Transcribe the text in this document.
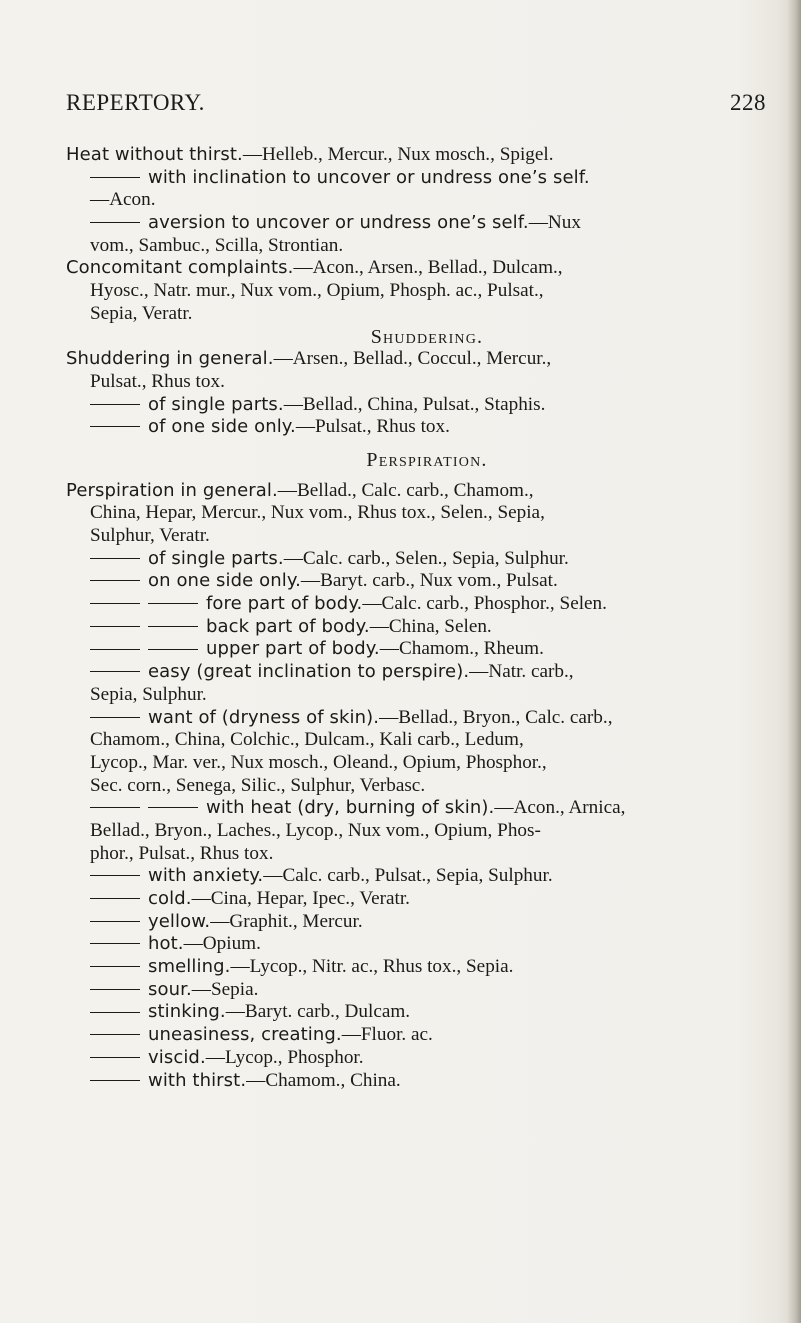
REPERTORY.	228
Heat without thirst.—Helleb., Mercur., Nux mosch., Spigel.
with inclination to uncover or undress one’s self.
—Acon.
aversion to uncover or undress one’s self.—Nux
vom., Sambuc., Scilla, Strontian.
Concomitant complaints.—Acon., Arsen., Bellad., Dulcam.,
Hyosc., Natr. mur., Nux vom., Opium, Phosph. ac., Pulsat.,
Sepia, Veratr.
Shuddering.
Shuddering in general.—Arsen., Bellad., Coccul., Mercur.,
Pulsat., Rhus tox.
of single parts.—Bellad., China, Pulsat., Staphis.
of one side only.—Pulsat., Rhus tox.
Perspiration.
Perspiration in general.—Bellad., Calc. carb., Chamom.,
China, Hepar, Mercur., Nux vom., Rhus tox., Selen., Sepia,
Sulphur, Veratr.
of single parts.—Calc. carb., Selen., Sepia, Sulphur.
on one side only.—Baryt. carb., Nux vom., Pulsat.
fore part of body.—Calc. carb., Phosphor., Selen.
back part of body.—China, Selen.
upper part of body.—Chamom., Rheum.
easy (great inclination to perspire).—Natr. carb.,
Sepia, Sulphur.
want of (dryness of skin).—Bellad., Bryon., Calc. carb.,
Chamom., China, Colchic., Dulcam., Kali carb., Ledum,
Lycop., Mar. ver., Nux mosch., Oleand., Opium, Phosphor.,
Sec. corn., Senega, Silic., Sulphur, Verbasc.
with heat (dry, burning of skin).—Acon., Arnica,
Bellad., Bryon., Laches., Lycop., Nux vom., Opium, Phos-
phor., Pulsat., Rhus tox.
with anxiety.—Calc. carb., Pulsat., Sepia, Sulphur.
cold.—Cina, Hepar, Ipec., Veratr.
yellow.—Graphit., Mercur.
hot.—Opium.
smelling.—Lycop., Nitr. ac., Rhus tox., Sepia.
sour.—Sepia.
stinking.—Baryt. carb., Dulcam.
uneasiness, creating.—Fluor. ac.
viscid.—Lycop., Phosphor.
with thirst.—Chamom., China.
